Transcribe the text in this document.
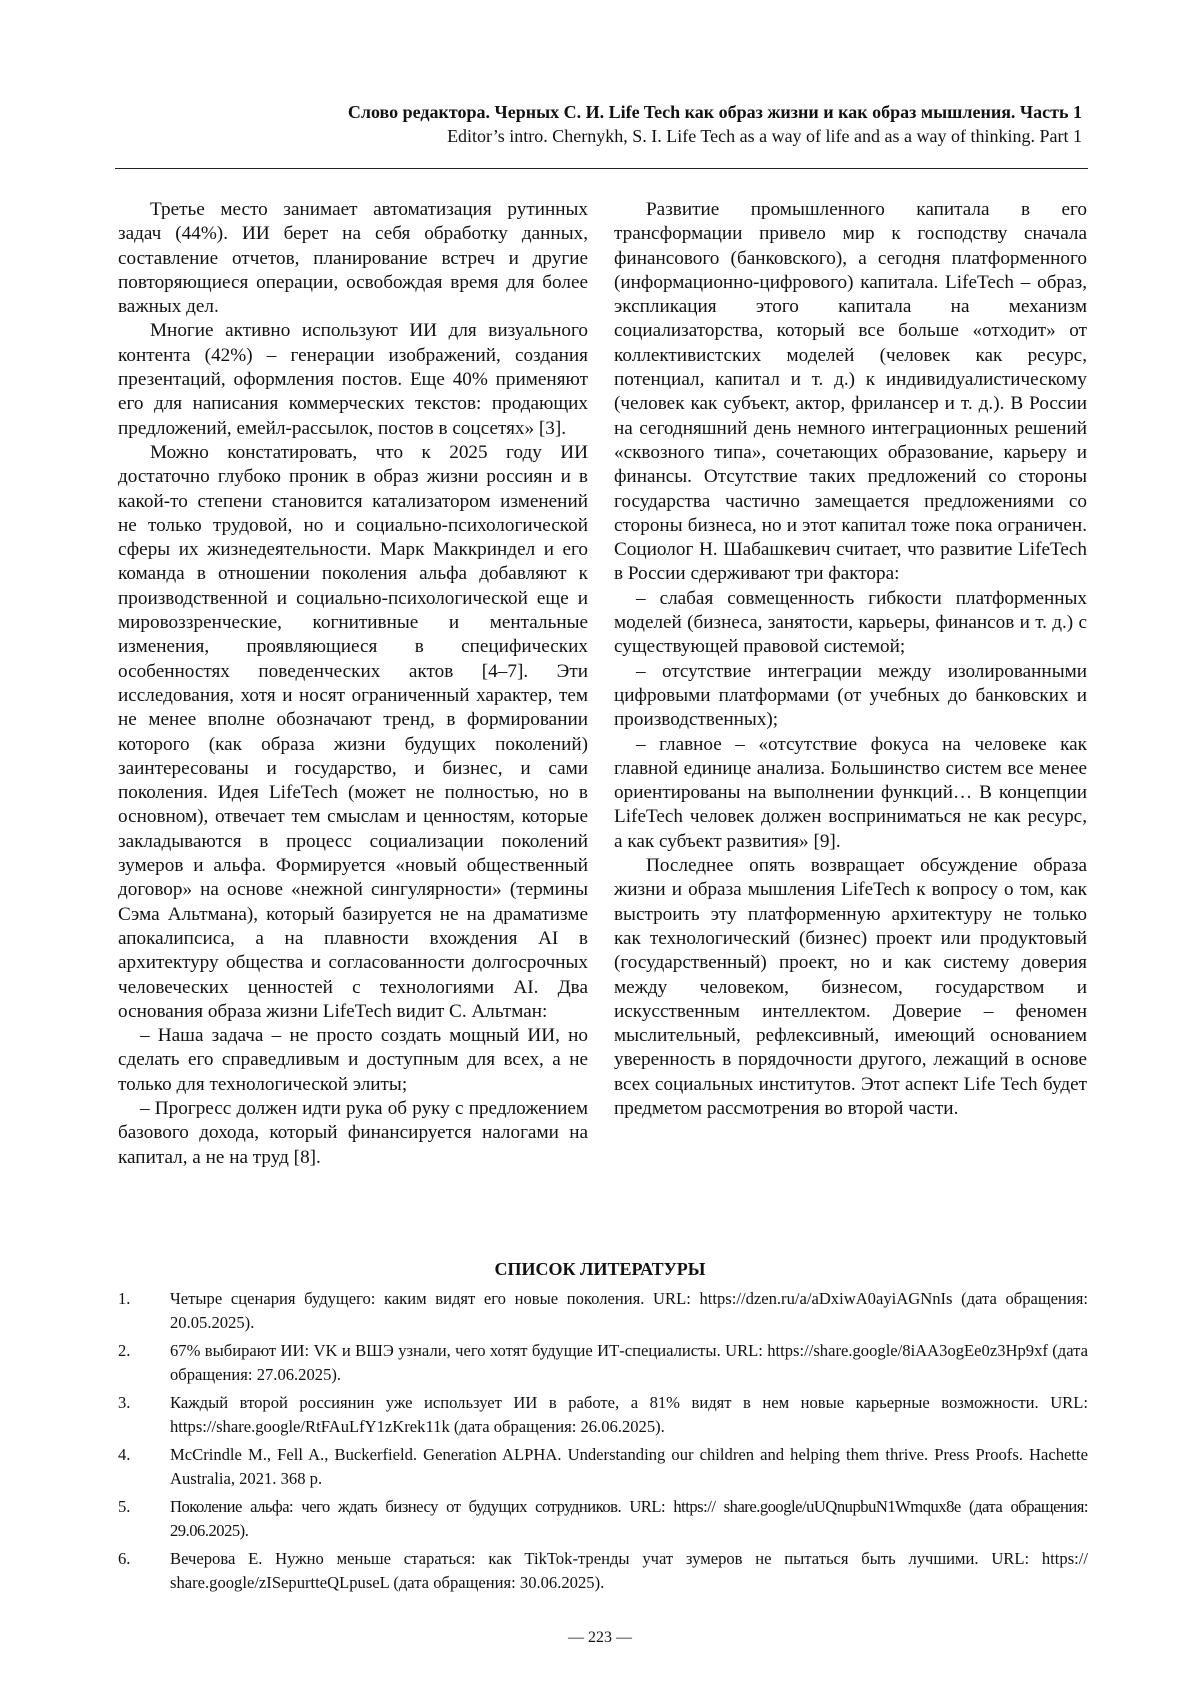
Слово редактора. Черных С. И. Life Tech как образ жизни и как образ мышления. Часть 1
Editor’s intro. Chernykh, S. I. Life Tech as a way of life and as a way of thinking. Part 1

Третье место занимает автоматизация рутинных задач (44%). ИИ берет на себя обработку данных, составление отчетов, планирование встреч и другие повторяющиеся операции, освобождая время для более важных дел.

Многие активно используют ИИ для визуального контента (42%) – генерации изображений, создания презентаций, оформления постов. Еще 40% применяют его для написания коммерческих текстов: продающих предложений, емейл-рассылок, постов в соцсетях» [3].

Можно констатировать, что к 2025 году ИИ достаточно глубоко проник в образ жизни россиян и в какой-то степени становится катализатором изменений не только трудовой, но и социально-психологической сферы их жизнедеятельности. Марк Маккриндел и его команда в отношении поколения альфа добавляют к производственной и социально-психологической еще и мировоззренческие, когнитивные и ментальные изменения, проявляющиеся в специфических особенностях поведенческих актов [4–7]. Эти исследования, хотя и носят ограниченный характер, тем не менее вполне обозначают тренд, в формировании которого (как образа жизни будущих поколений) заинтересованы и государство, и бизнес, и сами поколения. Идея LifeTech (может не полностью, но в основном), отвечает тем смыслам и ценностям, которые закладываются в процесс социализации поколений зумеров и альфа. Формируется «новый общественный договор» на основе «нежной сингулярности» (термины Сэма Альтмана), который базируется не на драматизме апокалипсиса, а на плавности вхождения AI в архитектуру общества и согласованности долгосрочных человеческих ценностей с технологиями AI. Два основания образа жизни LifeTech видит С. Альтман:

– Наша задача – не просто создать мощный ИИ, но сделать его справедливым и доступным для всех, а не только для технологической элиты;

– Прогресс должен идти рука об руку с предложением базового дохода, который финансируется налогами на капитал, а не на труд [8].

Развитие промышленного капитала в его трансформации привело мир к господству сначала финансового (банковского), а сегодня платформенного (информационно-цифрового) капитала. LifeTech – образ, экспликация этого капитала на механизм социализаторства, который все больше «отходит» от коллективистских моделей (человек как ресурс, потенциал, капитал и т. д.) к индивидуалистическому (человек как субъект, актор, фрилансер и т. д.). В России на сегодняшний день немного интеграционных решений «сквозного типа», сочетающих образование, карьеру и финансы. Отсутствие таких предложений со стороны государства частично замещается предложениями со стороны бизнеса, но и этот капитал тоже пока ограничен. Социолог Н. Шабашкевич считает, что развитие LifeTech в России сдерживают три фактора:

– слабая совмещенность гибкости платформенных моделей (бизнеса, занятости, карьеры, финансов и т. д.) с существующей правовой системой;

– отсутствие интеграции между изолированными цифровыми платформами (от учебных до банковских и производственных);

– главное – «отсутствие фокуса на человеке как главной единице анализа. Большинство систем все менее ориентированы на выполнении функций… В концепции LifeTech человек должен восприниматься не как ресурс, а как субъект развития» [9].

Последнее опять возвращает обсуждение образа жизни и образа мышления LifeTech к вопросу о том, как выстроить эту платформенную архитектуру не только как технологический (бизнес) проект или продуктовый (государственный) проект, но и как систему доверия между человеком, бизнесом, государством и искусственным интеллектом. Доверие – феномен мыслительный, рефлексивный, имеющий основанием уверенность в порядочности другого, лежащий в основе всех социальных институтов. Этот аспект Life Tech будет предметом рассмотрения во второй части.

СПИСОК ЛИТЕРАТУРЫ
1.	Четыре сценария будущего: каким видят его новые поколения. URL: https://dzen.ru/a/aDxiwA0ayiAGNnIs (дата обращения: 20.05.2025).
2.	67% выбирают ИИ: VK и ВШЭ узнали, чего хотят будущие ИТ-специалисты. URL: https://share.google/8iAA3ogEe0z3Hp9xf (дата обращения: 27.06.2025).
3.	Каждый второй россиянин уже использует ИИ в работе, а 81% видят в нем новые карьерные возможности. URL: https://share.google/RtFAuLfY1zKrek11k (дата обращения: 26.06.2025).
4.	McCrindle M., Fell A., Buckerfield. Generation ALPHA. Understanding our children and helping them thrive. Press Proofs. Hachette Australia, 2021. 368 p.
5.	Поколение альфа: чего ждать бизнесу от будущих сотрудников. URL: https:// share.google/uUQnupbuN1Wmqux8e (дата обращения: 29.06.2025).
6.	Вечерова Е. Нужно меньше стараться: как TikTok-тренды учат зумеров не пытаться быть лучшими. URL: https:// share.google/zISepurtteQLpuseL (дата обращения: 30.06.2025).
— 223 —
